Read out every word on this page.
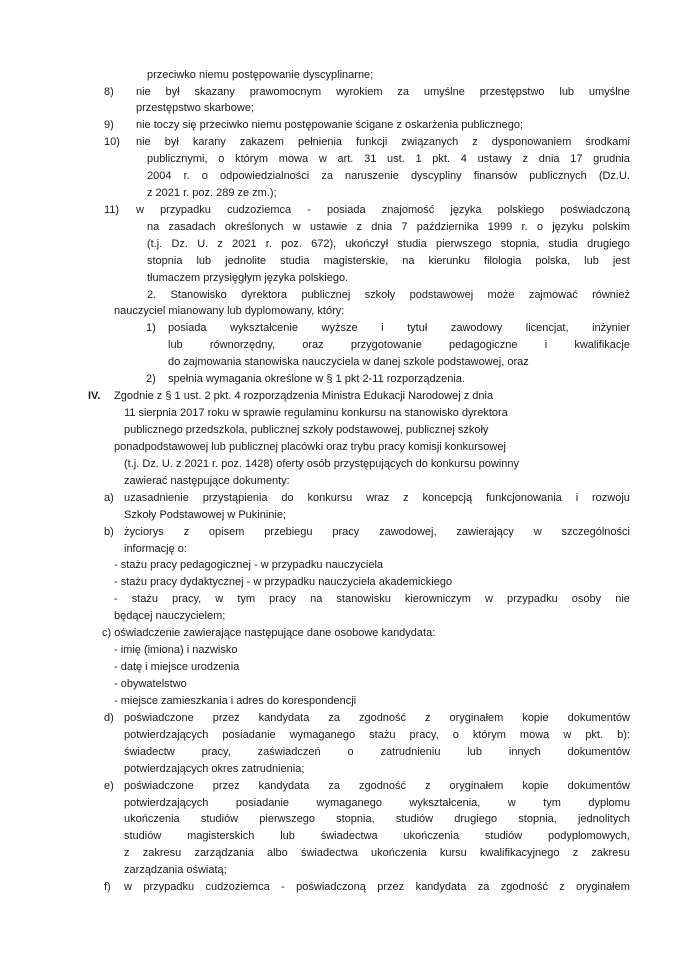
przeciwko niemu postępowanie dyscyplinarne;
8) nie był skazany prawomocnym wyrokiem za umyślne przestępstwo lub umyślne
przestępstwo skarbowe;
9) nie toczy się przeciwko niemu postępowanie ścigane z oskarżenia publicznego;
10) nie był karany zakazem pełnienia funkcji związanych z dysponowaniem środkami
publicznymi, o którym mowa w art. 31 ust. 1 pkt. 4 ustawy z dnia 17 grudnia
2004 r. o odpowiedzialności za naruszenie dyscypliny finansów publicznych (Dz.U.
z 2021 r. poz. 289 ze zm.);
11) w przypadku cudzoziemca - posiada znajomość języka polskiego poświadczoną
na zasadach określonych w ustawie z dnia 7 października 1999 r. o języku polskim
(t.j. Dz. U. z 2021 r. poz. 672), ukończył studia pierwszego stopnia, studia drugiego
stopnia lub jednolite studia magisterskie, na kierunku filologia polska, lub jest
tłumaczem przysięgłym języka polskiego.
2. Stanowisko dyrektora publicznej szkoły podstawowej może zajmować również
nauczyciel mianowany lub dyplomowany, który:
1) posiada wykształcenie wyższe i tytuł zawodowy licencjat, inżynier
lub równorzędny, oraz przygotowanie pedagogiczne i kwalifikacje
do zajmowania stanowiska nauczyciela w danej szkole podstawowej, oraz
2) spełnia wymagania określone w § 1 pkt 2-11 rozporządzenia.
IV. Zgodnie z § 1 ust. 2 pkt. 4 rozporządzenia Ministra Edukacji Narodowej z dnia
11 sierpnia 2017 roku w sprawie regulaminu konkursu na stanowisko dyrektora
publicznego przedszkola, publicznej szkoły podstawowej, publicznej szkoły
ponadpodstawowej lub publicznej placówki oraz trybu pracy komisji konkursowej
(t.j. Dz. U. z 2021 r. poz. 1428) oferty osób przystępujących do konkursu powinny
zawierać następujące dokumenty:
a) uzasadnienie przystąpienia do konkursu wraz z koncepcją funkcjonowania i rozwoju
Szkoły Podstawowej w Pukininie;
b) życiorys z opisem przebiegu pracy zawodowej, zawierający w szczególności
informację o:
- stażu pracy pedagogicznej - w przypadku nauczyciela
- stażu pracy dydaktycznej - w przypadku nauczyciela akademickiego
- stażu pracy, w tym pracy na stanowisku kierowniczym w przypadku osoby nie
będącej nauczycielem;
c) oświadczenie zawierające następujące dane osobowe kandydata:
- imię (imiona) i nazwisko
- datę i miejsce urodzenia
- obywatelstwo
- miejsce zamieszkania i adres do korespondencji
d) poświadczone przez kandydata za zgodność z oryginałem kopie dokumentów
potwierdzających posiadanie wymaganego stażu pracy, o którym mowa w pkt. b):
świadectw pracy, zaświadczeń o zatrudnieniu lub innych dokumentów
potwierdzających okres zatrudnienia;
e) poświadczone przez kandydata za zgodność z oryginałem kopie dokumentów
potwierdzających posiadanie wymaganego wykształcenia, w tym dyplomu
ukończenia studiów pierwszego stopnia, studiów drugiego stopnia, jednolitych
studiów magisterskich lub świadectwa ukończenia studiów podyplomowych,
z zakresu zarządzania albo świadectwa ukończenia kursu kwalifikacyjnego z zakresu
zarządzania oświatą;
f) w przypadku cudzoziemca - poświadczoną przez kandydata za zgodność z oryginałem
